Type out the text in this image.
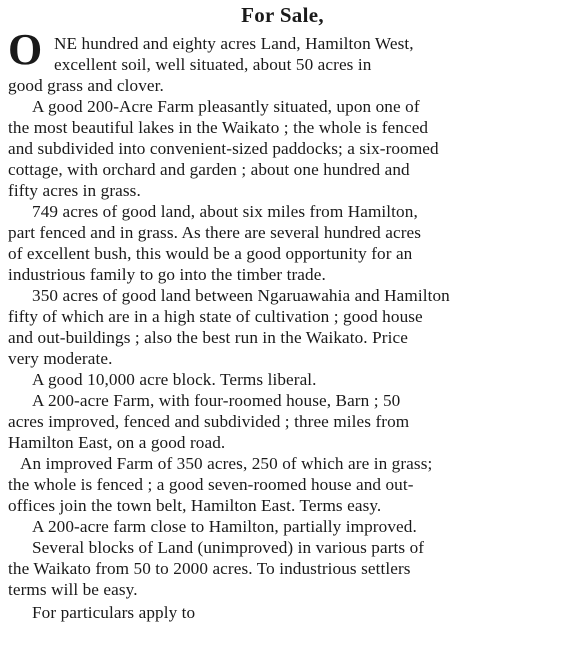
For Sale,
O NE hundred and eighty acres Land, Hamilton West,
excellent soil, well situated, about 50 acres in
good grass and clover.
A good 200-Acre Farm pleasantly situated, upon one of
the most beautiful lakes in the Waikato ; the whole is fenced
and subdivided into convenient-sized paddocks; a six-roomed
cottage, with orchard and garden ; about one hundred and
fifty acres in grass.
749 acres of good land, about six miles from Hamilton,
part fenced and in grass. As there are several hundred acres
of excellent bush, this would be a good opportunity for an
industrious family to go into the timber trade.
350 acres of good land between Ngaruawahia and Hamilton
fifty of which are in a high state of cultivation ; good house
and out-buildings ; also the best run in the Waikato. Price
very moderate.
A good 10,000 acre block. Terms liberal.
A 200-acre Farm, with four-roomed house, Barn ; 50
acres improved, fenced and subdivided ; three miles from
Hamilton East, on a good road.
An improved Farm of 350 acres, 250 of which are in grass;
the whole is fenced ; a good seven-roomed house and out-
offices join the town belt, Hamilton East. Terms easy.
A 200-acre farm close to Hamilton, partially improved.
Several blocks of Land (unimproved) in various parts of
the Waikato from 50 to 2000 acres. To industrious settlers
terms will be easy.
For particulars apply to
